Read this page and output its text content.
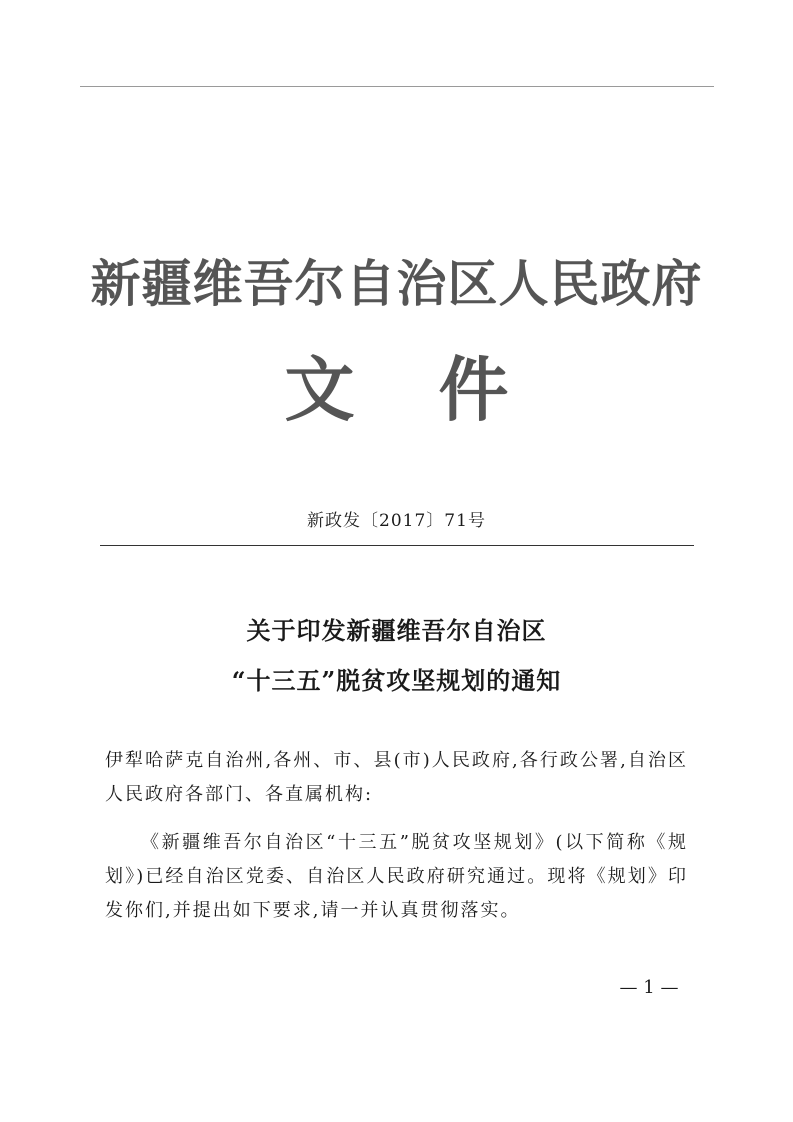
新疆维吾尔自治区人民政府
文 件
新政发〔2017〕71号
关于印发新疆维吾尔自治区
“十三五”脱贫攻坚规划的通知
伊犁哈萨克自治州,各州、市、县(市)人民政府,各行政公署,自治区人民政府各部门、各直属机构:
《新疆维吾尔自治区“十三五”脱贫攻坚规划》(以下简称《规划》)已经自治区党委、自治区人民政府研究通过。现将《规划》印发你们,并提出如下要求,请一并认真贯彻落实。
— 1 —
